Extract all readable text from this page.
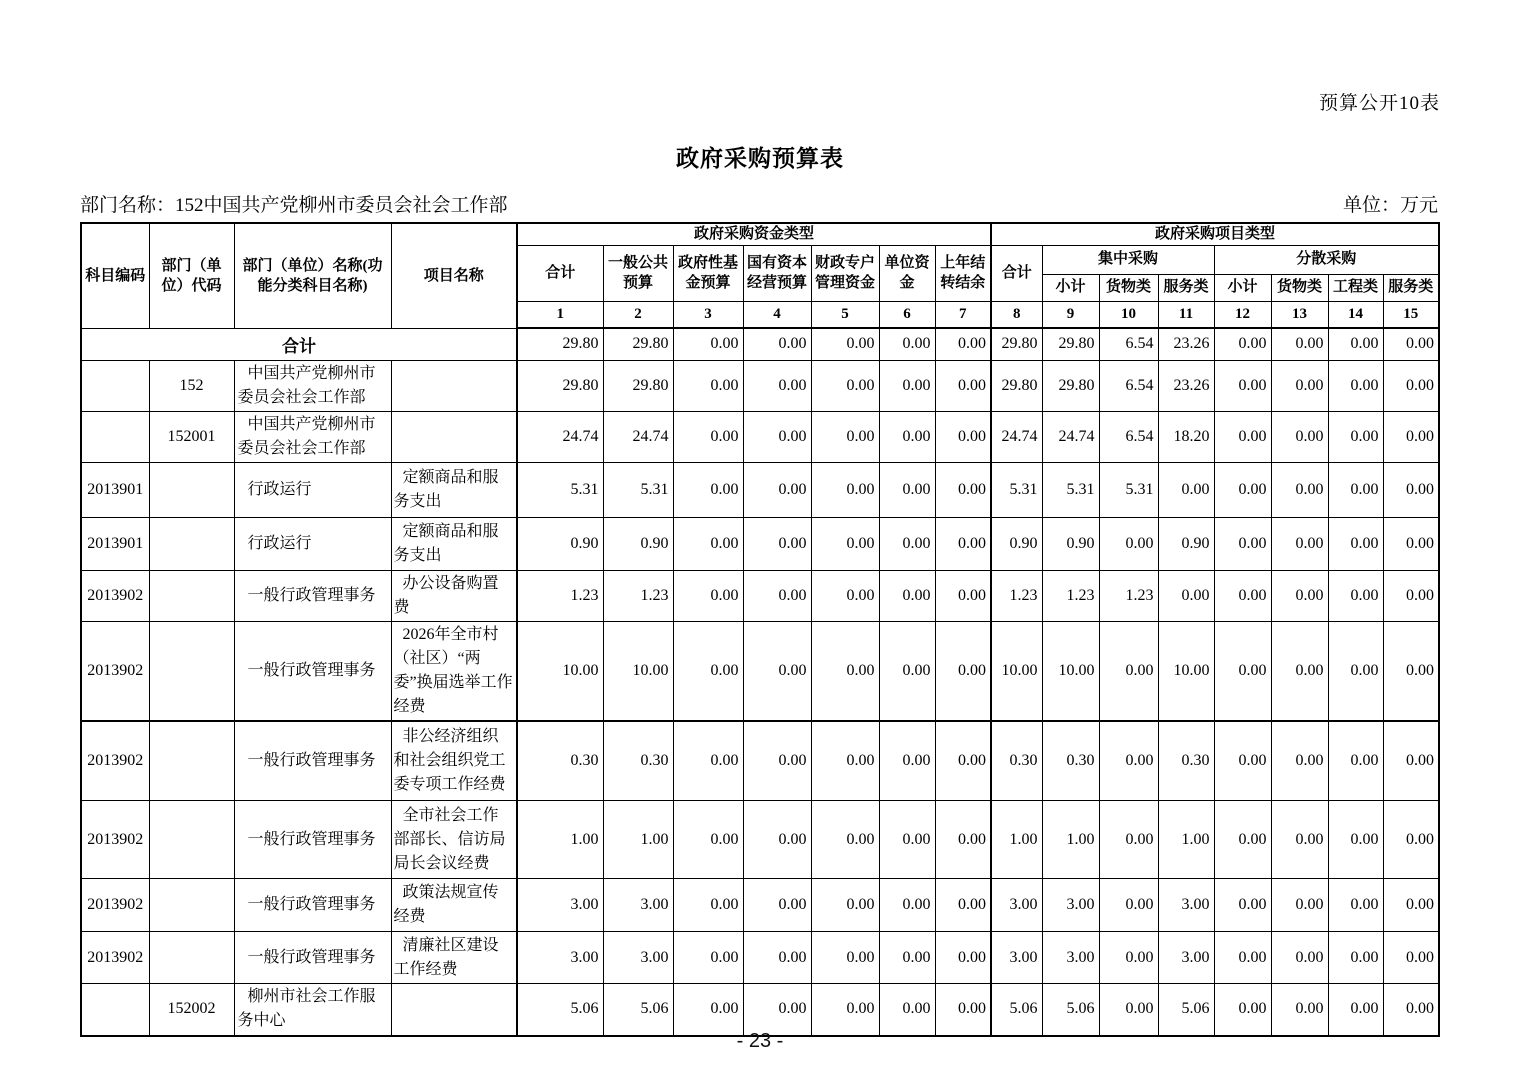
预算公开10表
政府采购预算表
部门名称：152中国共产党柳州市委员会社会工作部	单位：万元
科目编码	部门（单位）代码	部门（单位）名称(功能分类科目名称)	项目名称	政府采购资金类型							政府采购项目类型							
				合计	一般公共预算	政府性基金预算	国有资本经营预算	财政专户管理资金	单位资金	上年结转结余	合计	集中采购			分散采购			
												小计	货物类	服务类	小计	货物类	工程类	服务类
				1	2	3	4	5	6	7	8	9	10	11	12	13	14	15
合计				29.80	29.80	0.00	0.00	0.00	0.00	0.00	29.80	29.80	6.54	23.26	0.00	0.00	0.00	0.00
	152	中国共产党柳州市委员会社会工作部		29.80	29.80	0.00	0.00	0.00	0.00	0.00	29.80	29.80	6.54	23.26	0.00	0.00	0.00	0.00
	152001	中国共产党柳州市委员会社会工作部		24.74	24.74	0.00	0.00	0.00	0.00	0.00	24.74	24.74	6.54	18.20	0.00	0.00	0.00	0.00
2013901		行政运行	定额商品和服务支出	5.31	5.31	0.00	0.00	0.00	0.00	0.00	5.31	5.31	5.31	0.00	0.00	0.00	0.00	0.00
2013901		行政运行	定额商品和服务支出	0.90	0.90	0.00	0.00	0.00	0.00	0.00	0.90	0.90	0.00	0.90	0.00	0.00	0.00	0.00
2013902		一般行政管理事务	办公设备购置费	1.23	1.23	0.00	0.00	0.00	0.00	0.00	1.23	1.23	1.23	0.00	0.00	0.00	0.00	0.00
2013902		一般行政管理事务	2026年全市村（社区）“两委”换届选举工作经费	10.00	10.00	0.00	0.00	0.00	0.00	0.00	10.00	10.00	0.00	10.00	0.00	0.00	0.00	0.00
2013902		一般行政管理事务	非公经济组织和社会组织党工委专项工作经费	0.30	0.30	0.00	0.00	0.00	0.00	0.00	0.30	0.30	0.00	0.30	0.00	0.00	0.00	0.00
2013902		一般行政管理事务	全市社会工作部部长、信访局局长会议经费	1.00	1.00	0.00	0.00	0.00	0.00	0.00	1.00	1.00	0.00	1.00	0.00	0.00	0.00	0.00
2013902		一般行政管理事务	政策法规宣传经费	3.00	3.00	0.00	0.00	0.00	0.00	0.00	3.00	3.00	0.00	3.00	0.00	0.00	0.00	0.00
2013902		一般行政管理事务	清廉社区建设工作经费	3.00	3.00	0.00	0.00	0.00	0.00	0.00	3.00	3.00	0.00	3.00	0.00	0.00	0.00	0.00
	152002	柳州市社会工作服务中心		5.06	5.06	0.00	0.00	0.00	0.00	0.00	5.06	5.06	0.00	5.06	0.00	0.00	0.00	0.00
- 23 -
